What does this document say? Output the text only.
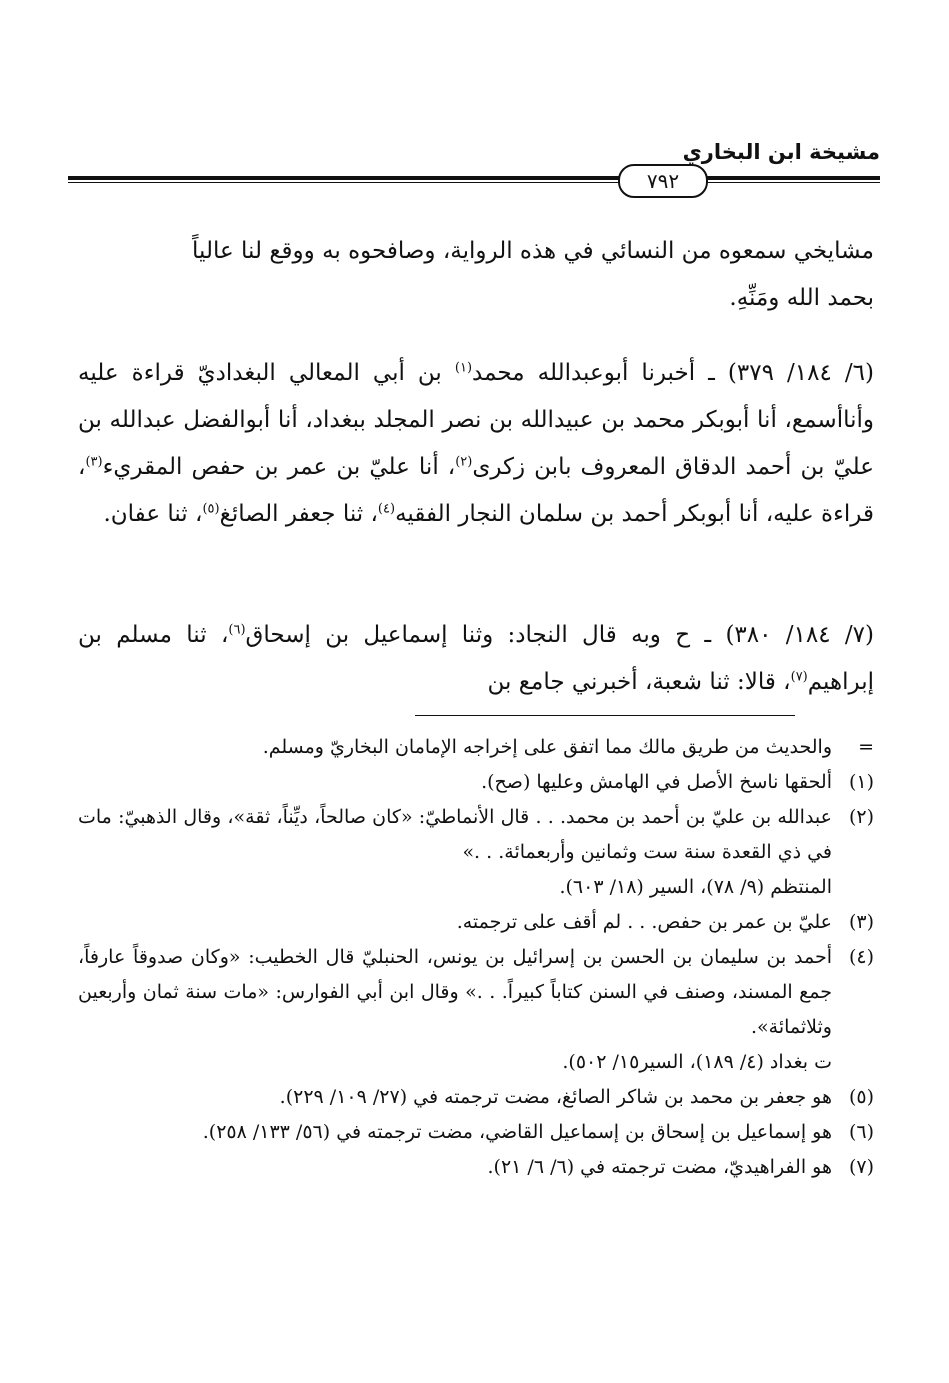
مشيخة ابن البخاري
٧٩٢

مشايخي سمعوه من النسائي في هذه الرواية، وصافحوه به ووقع لنا عالياً

بحمد الله ومَنِّهِ.

(٦/ ١٨٤/ ٣٧٩) ـ أخبرنا أبوعبدالله محمد$^{(١)}$ بن أبي المعالي البغداديّ قراءة عليه وأناأسمع، أنا أبوبكر محمد بن عبيدالله بن نصر المجلد ببغداد، أنا أبوالفضل عبدالله بن عليّ بن أحمد الدقاق المعروف بابن زكرى$^{(٢)}$، أنا عليّ بن عمر بن حفص المقريء$^{(٣)}$، قراءة عليه، أنا أبوبكر أحمد بن سلمان النجار الفقيه$^{(٤)}$، ثنا جعفر الصائغ$^{(٥)}$، ثنا عفان.

(٧/ ١٨٤/ ٣٨٠) ـ ح وبه قال النجاد: وثنا إسماعيل بن إسحاق$^{(٦)}$، ثنا مسلم بن إبراهيم$^{(٧)}$، قالا: ثنا شعبة، أخبرني جامع بن

=
والحديث من طريق مالك مما اتفق على إخراجه الإمامان البخاريّ ومسلم.
(١)
ألحقها ناسخ الأصل في الهامش وعليها (صح).
(٢)
عبدالله بن عليّ بن أحمد بن محمد. . . قال الأنماطيّ: «كان صالحاً، ديِّناً، ثقة»، وقال الذهبيّ: مات في ذي القعدة سنة ست وثمانين وأربعمائة. . .»
المنتظم (٩/ ٧٨)، السير (١٨/ ٦٠٣).
(٣)
عليّ بن عمر بن حفص. . . لم أقف على ترجمته.
(٤)
أحمد بن سليمان بن الحسن بن إسرائيل بن يونس، الحنبليّ قال الخطيب: «وكان صدوقاً عارفاً، جمع المسند، وصنف في السنن كتاباً كبيراً. . .» وقال ابن أبي الفوارس: «مات سنة ثمان وأربعين وثلاثمائة».
ت بغداد (٤/ ١٨٩)، السير١٥/ ٥٠٢).
(٥)
هو جعفر بن محمد بن شاكر الصائغ، مضت ترجمته في (٢٧/ ١٠٩/ ٢٢٩).
(٦)
هو إسماعيل بن إسحاق بن إسماعيل القاضي، مضت ترجمته في (٥٦/ ١٣٣/ ٢٥٨).
(٧)
هو الفراهيديّ، مضت ترجمته في (٦/ ٦/ ٢١).
